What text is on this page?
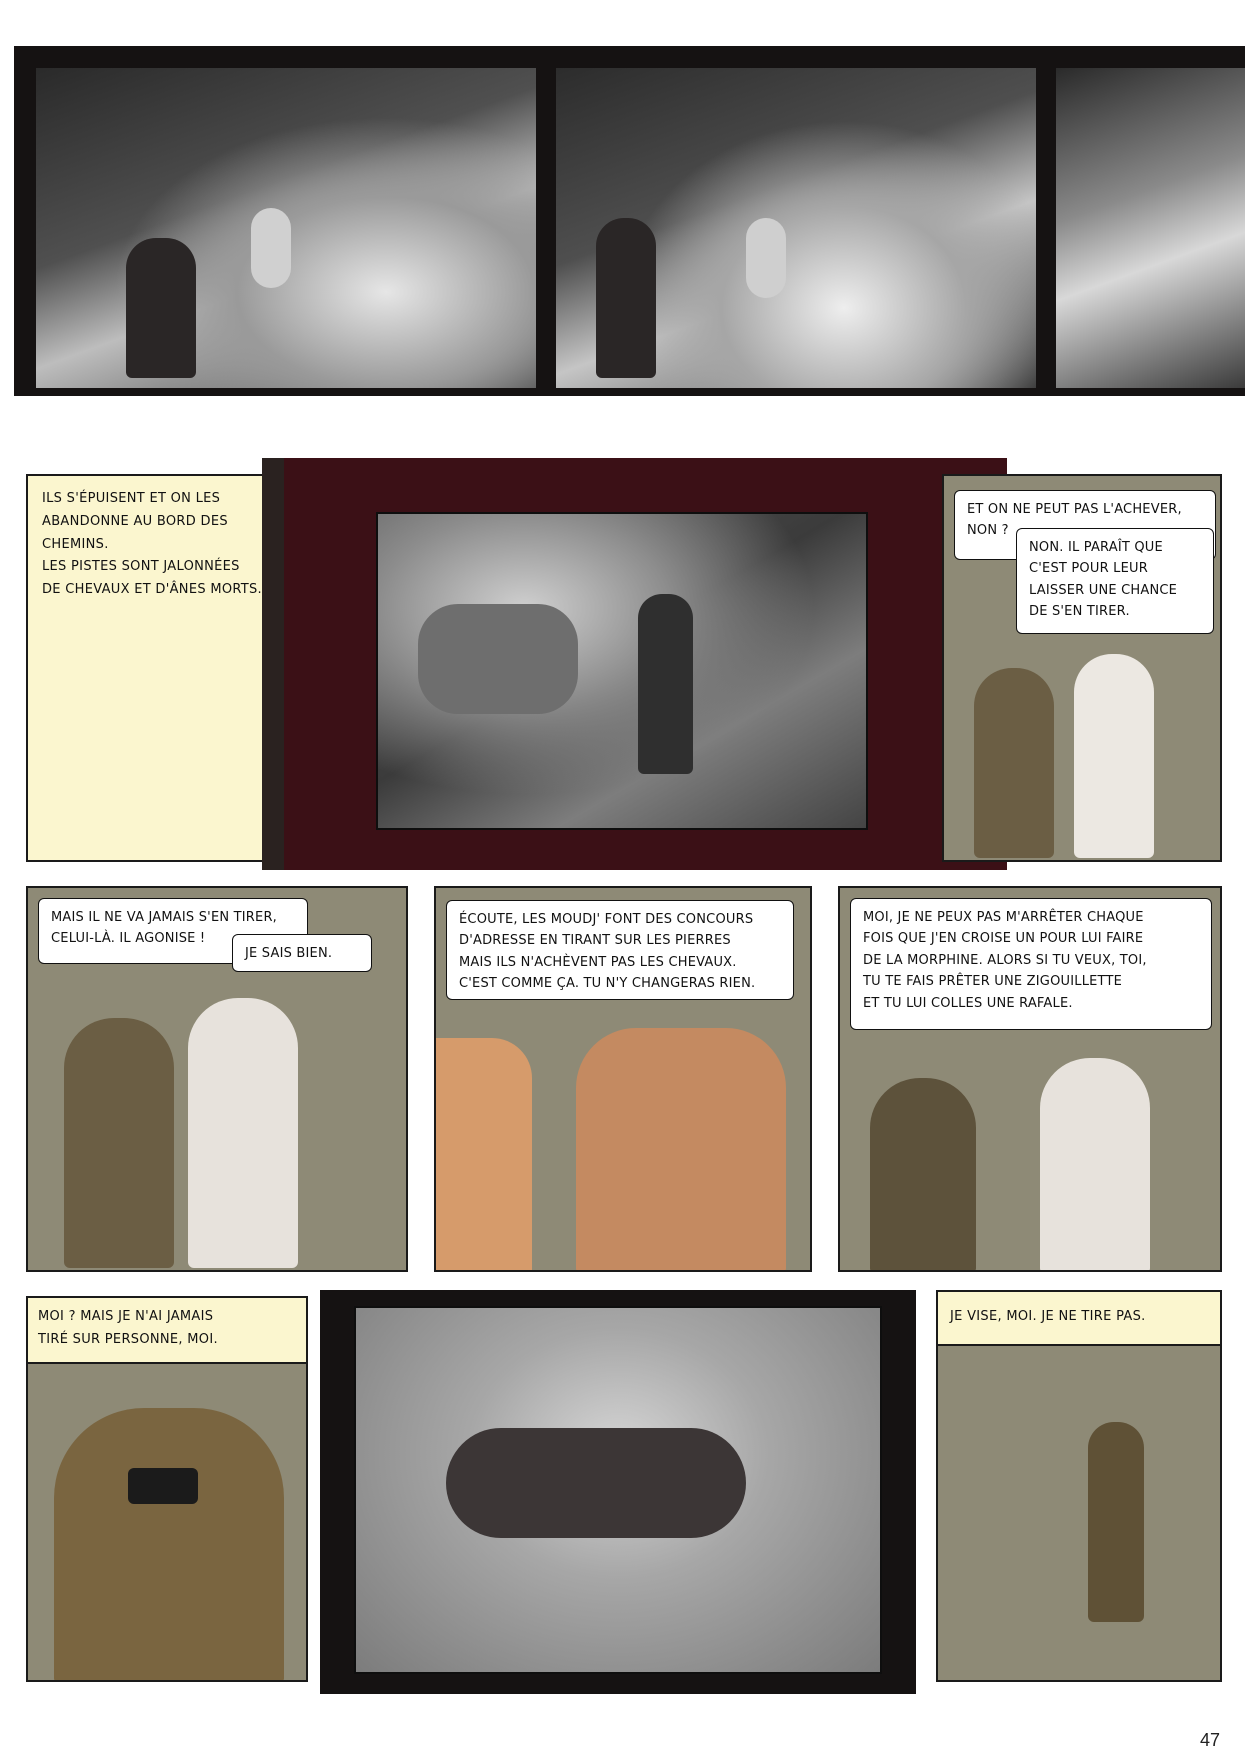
ILS S'ÉPUISENT ET ON LES
ABANDONNE AU BORD DES
CHEMINS.
LES PISTES SONT JALONNÉES
DE CHEVAUX ET D'ÂNES MORTS.
ET ON NE PEUT PAS L'ACHEVER,
NON ?
NON. IL PARAÎT QUE
C'EST POUR LEUR
LAISSER UNE CHANCE
DE S'EN TIRER.
MAIS IL NE VA JAMAIS S'EN TIRER,
CELUI-LÀ. IL AGONISE !
JE SAIS BIEN.
ÉCOUTE, LES MOUDJ' FONT DES CONCOURS
D'ADRESSE EN TIRANT SUR LES PIERRES
MAIS ILS N'ACHÈVENT PAS LES CHEVAUX.
C'EST COMME ÇA. TU N'Y CHANGERAS RIEN.
MOI, JE NE PEUX PAS M'ARRÊTER CHAQUE
FOIS QUE J'EN CROISE UN POUR LUI FAIRE
DE LA MORPHINE. ALORS SI TU VEUX, TOI,
TU TE FAIS PRÊTER UNE ZIGOUILLETTE
ET TU LUI COLLES UNE RAFALE.
MOI ? MAIS JE N'AI JAMAIS
TIRÉ SUR PERSONNE, MOI.
JE VISE, MOI. JE NE TIRE PAS.
47
